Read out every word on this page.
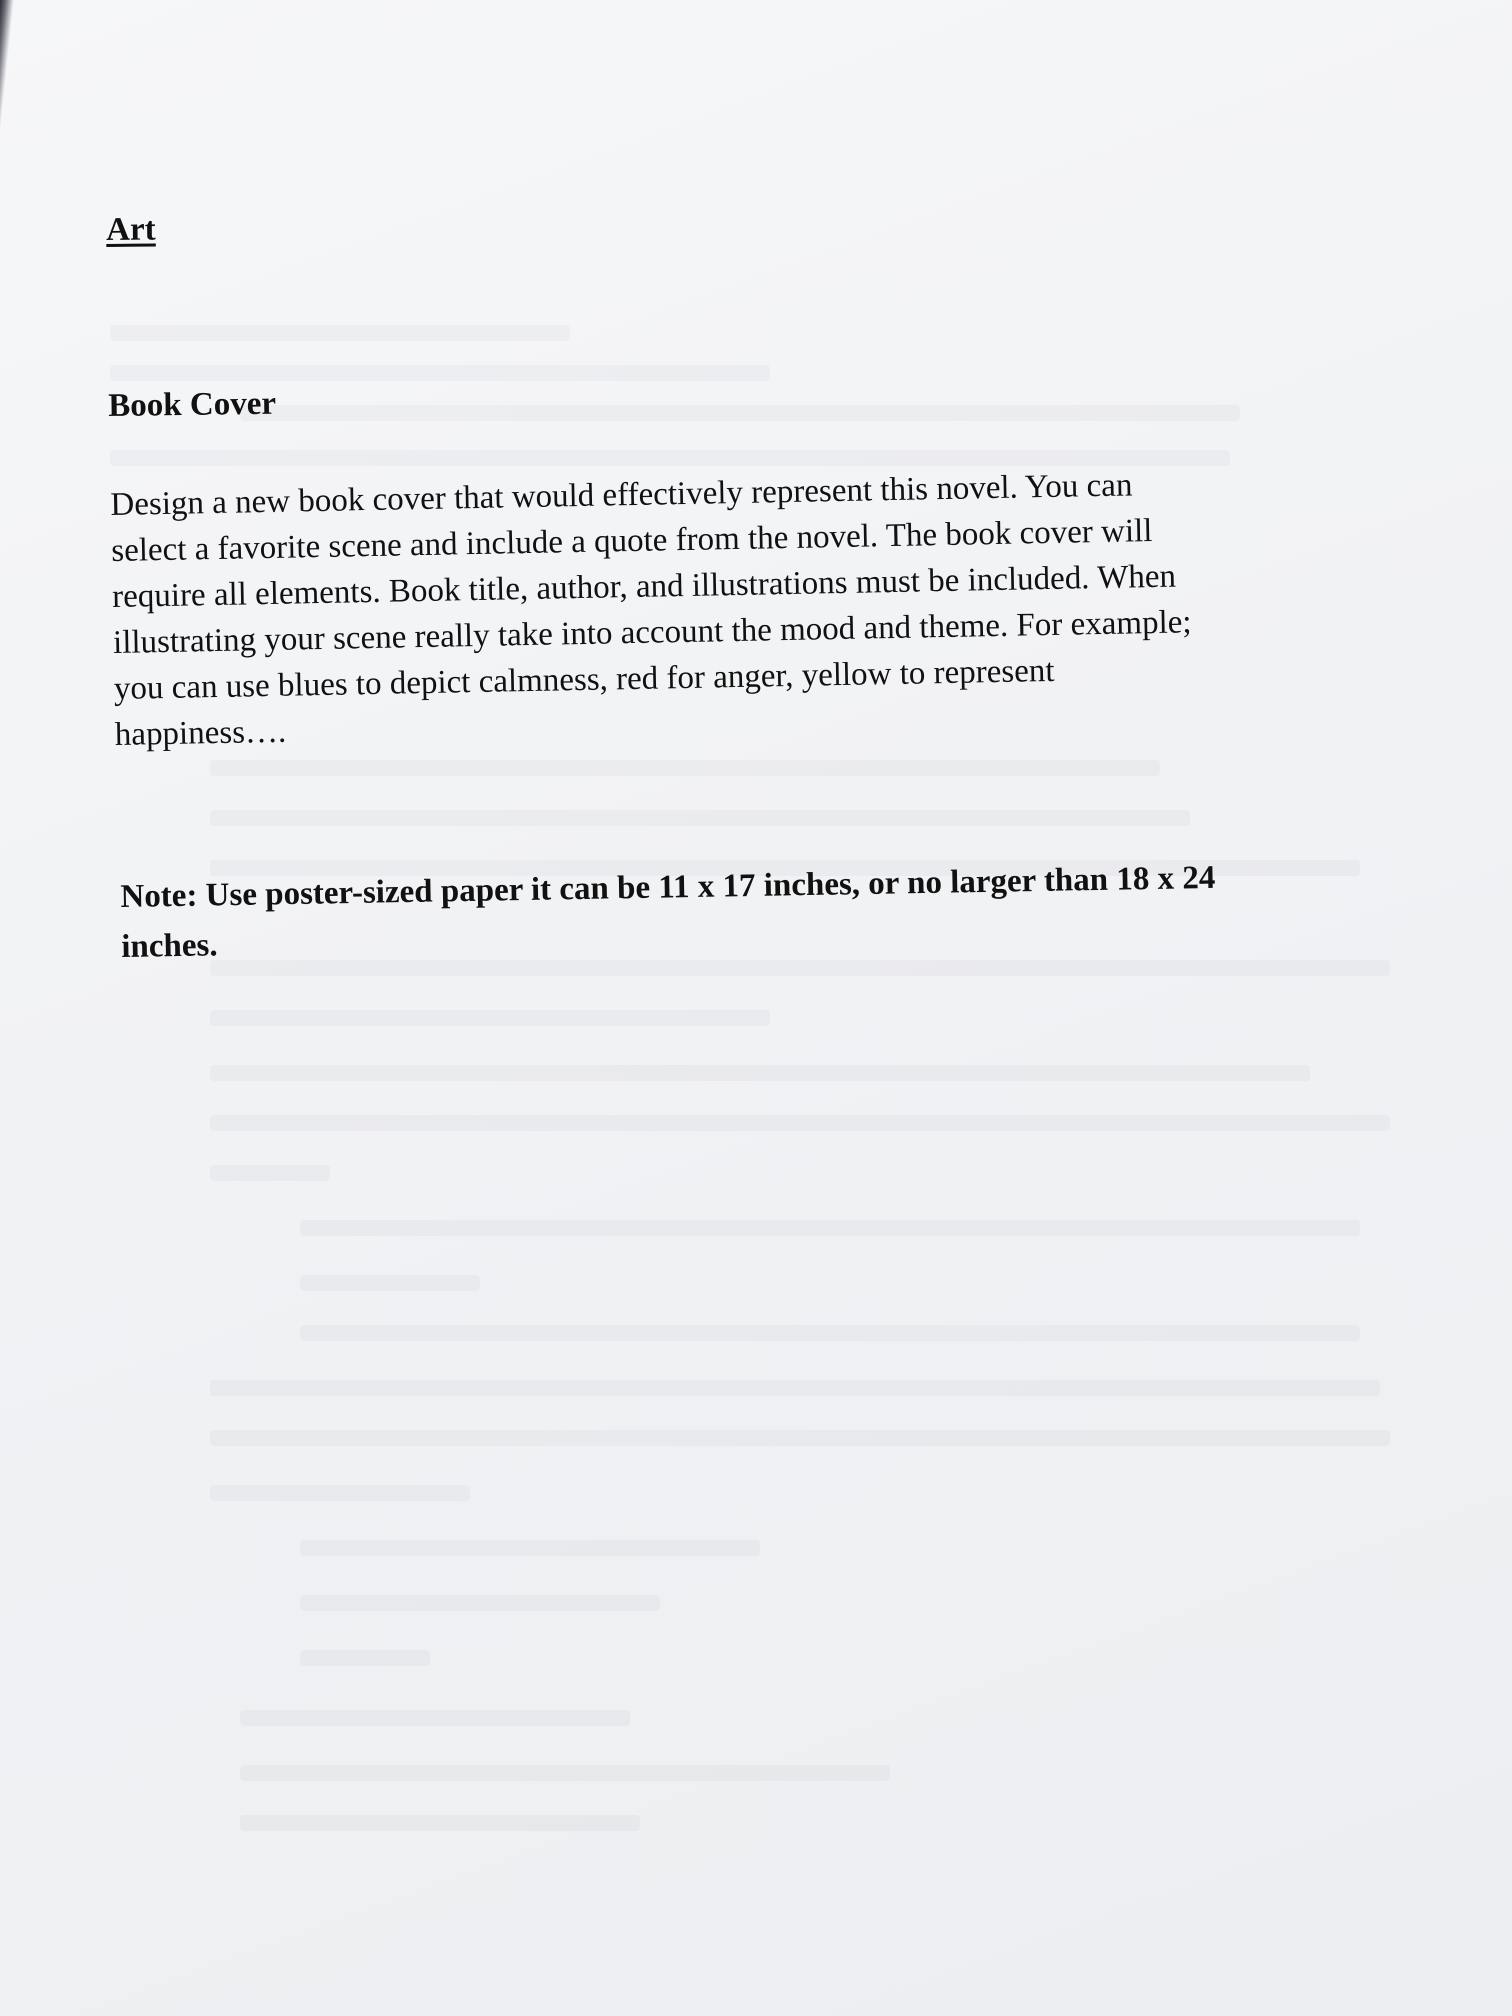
Art
Book Cover
Design a new book cover that would effectively represent this novel. You can
select a favorite scene and include a quote from the novel. The book cover will
require all elements. Book title, author, and illustrations must be included. When
illustrating your scene really take into account the mood and theme. For example;
you can use blues to depict calmness, red for anger, yellow to represent
happiness….
Note: Use poster-sized paper it can be 11 x 17 inches, or no larger than 18 x 24
inches.
